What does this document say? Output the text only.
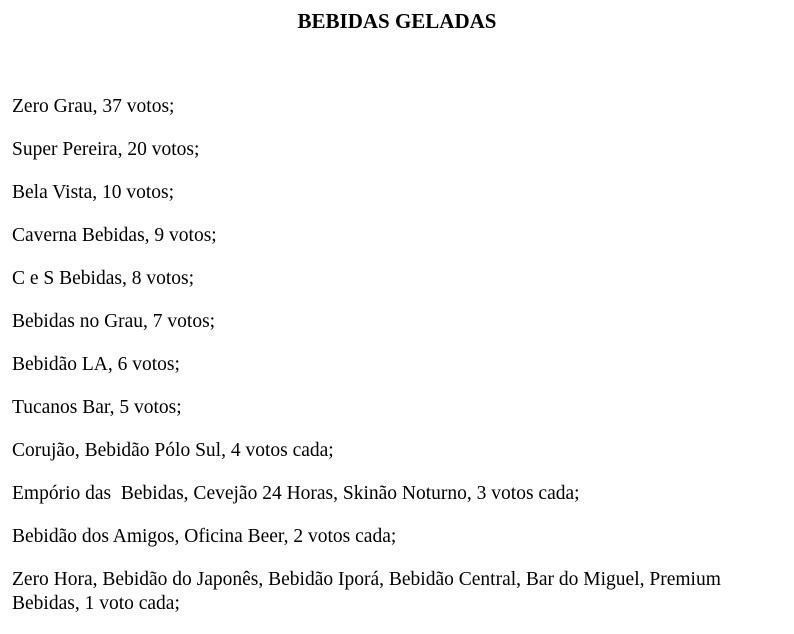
BEBIDAS GELADAS
Zero Grau, 37 votos;
Super Pereira, 20 votos;
Bela Vista, 10 votos;
Caverna Bebidas, 9 votos;
C e S Bebidas, 8 votos;
Bebidas no Grau, 7 votos;
Bebidão LA, 6 votos;
Tucanos Bar, 5 votos;
Corujão, Bebidão Pólo Sul, 4 votos cada;
Empório das  Bebidas, Cevejão 24 Horas, Skinão Noturno, 3 votos cada;
Bebidão dos Amigos, Oficina Beer, 2 votos cada;
Zero Hora, Bebidão do Japonês, Bebidão Iporá, Bebidão Central, Bar do Miguel, Premium Bebidas, 1 voto cada;
